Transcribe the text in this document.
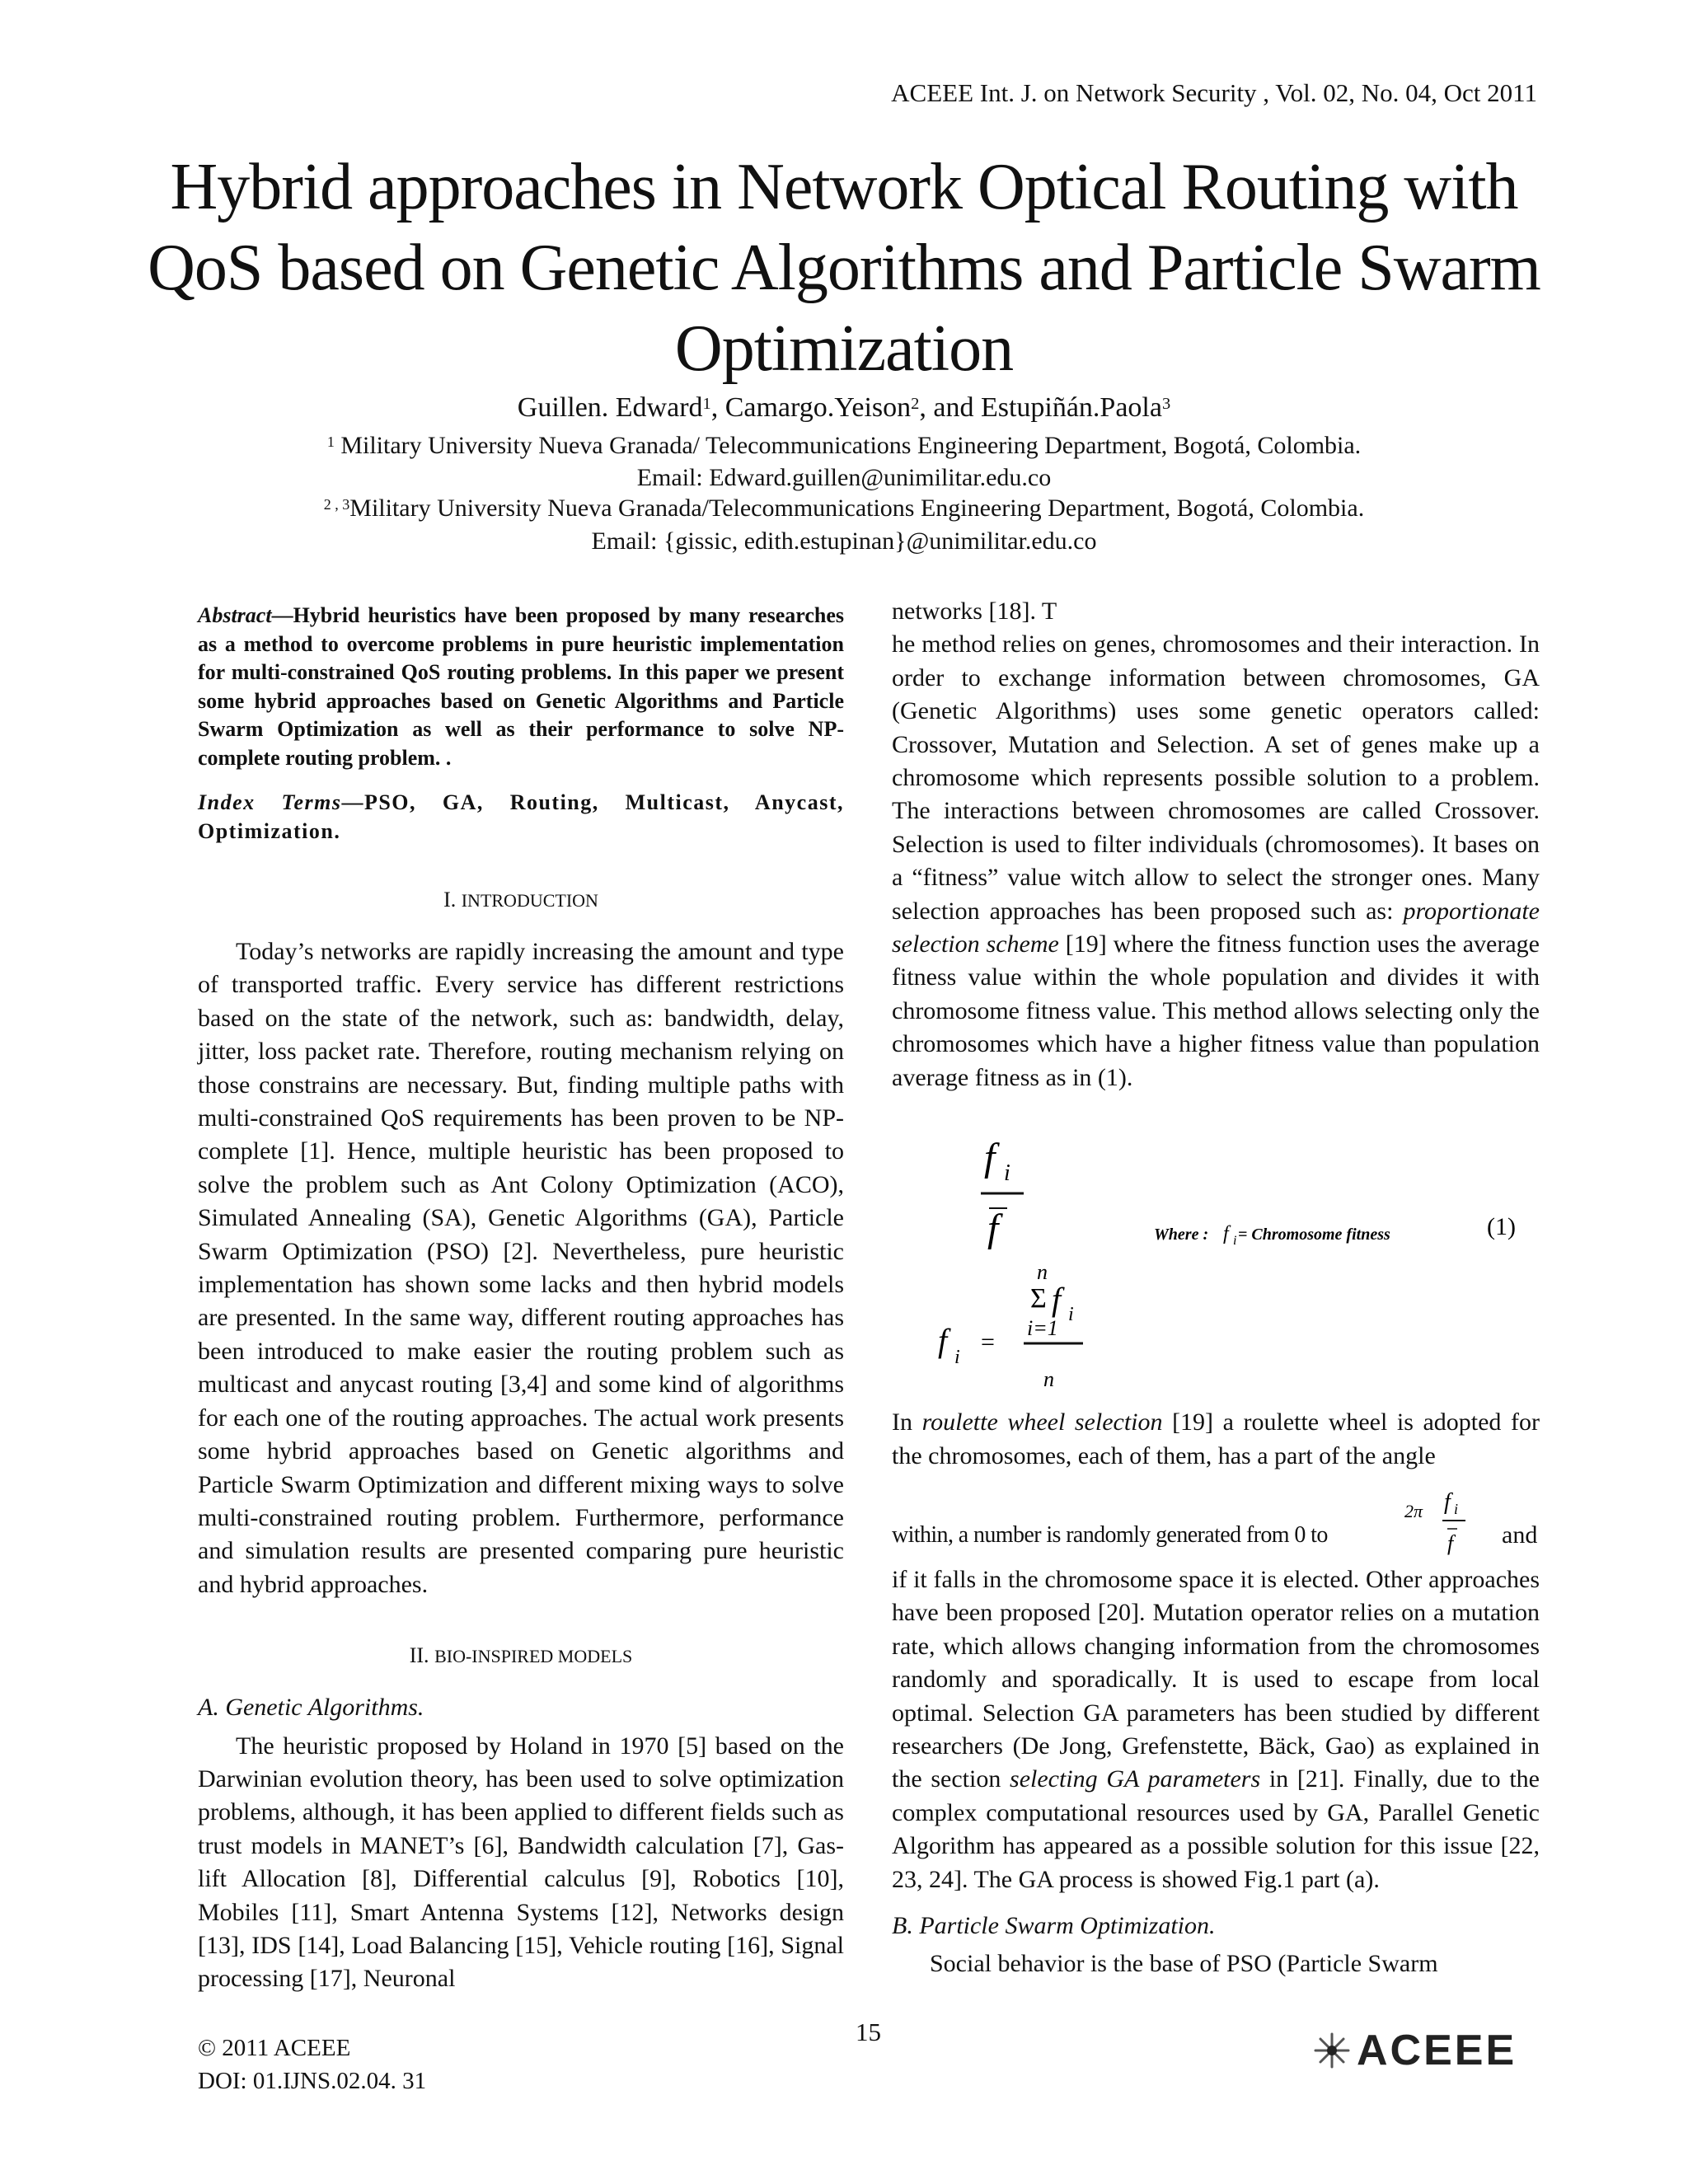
ACEEE Int. J. on Network Security , Vol. 02, No. 04, Oct 2011
Hybrid approaches in Network Optical Routing with
QoS based on Genetic Algorithms and Particle Swarm
Optimization
Guillen. Edward$^1$, Camargo.Yeison$^2$, and Estupiñán.Paola$^3$
$^1$ Military University Nueva Granada/ Telecommunications Engineering Department, Bogotá, Colombia.
Email: Edward.guillen@unimilitar.edu.co
$^{2 , 3}$Military University Nueva Granada/Telecommunications Engineering Department, Bogotá, Colombia.
Email: {gissic, edith.estupinan}@unimilitar.edu.co

Abstract—Hybrid heuristics have been proposed by many researches as a method to overcome problems in pure heuristic implementation for multi-constrained QoS routing problems. In this paper we present some hybrid approaches based on Genetic Algorithms and Particle Swarm Optimization as well as their performance to solve NP-complete routing problem. .

Index Terms—PSO, GA, Routing, Multicast, Anycast, Optimization.

I. INTRODUCTION

Today’s networks are rapidly increasing the amount and type of transported traffic. Every service has different restrictions based on the state of the network, such as: bandwidth, delay, jitter, loss packet rate. Therefore, routing mechanism relying on those constrains are necessary. But, finding multiple paths with multi-constrained QoS requirements has been proven to be NP-complete [1]. Hence, multiple heuristic has been proposed to solve the problem such as Ant Colony Optimization (ACO), Simulated Annealing (SA), Genetic Algorithms (GA), Particle Swarm Optimization (PSO) [2]. Nevertheless, pure heuristic implementation has shown some lacks and then hybrid models are presented. In the same way, different routing approaches has been introduced to make easier the routing problem such as multicast and anycast routing [3,4] and some kind of algorithms for each one of the routing approaches. The actual work presents some hybrid approaches based on Genetic algorithms and Particle Swarm Optimization and different mixing ways to solve multi-constrained routing problem. Furthermore, performance and simulation results are presented comparing pure heuristic and hybrid approaches.

II. BIO-INSPIRED MODELS
A. Genetic Algorithms.

The heuristic proposed by Holand in 1970 [5] based on the Darwinian evolution theory, has been used to solve optimization problems, although, it has been applied to different fields such as trust models in MANET’s [6], Bandwidth calculation [7], Gas-lift Allocation [8], Differential calculus [9], Robotics [10], Mobiles [11], Smart Antenna Systems [12], Networks design [13], IDS [14], Load Balancing [15], Vehicle routing [16], Signal processing [17], Neuronal

networks [18]. T

he method relies on genes, chromosomes and their interaction. In order to exchange information between chromosomes, GA (Genetic Algorithms) uses some genetic operators called: Crossover, Mutation and Selection. A set of genes make up a chromosome which represents possible solution to a problem. The interactions between chromosomes are called Crossover. Selection is used to filter individuals (chromosomes). It bases on a “fitness” value witch allow to select the stronger ones. Many selection approaches has been proposed such as: proportionate selection scheme [19] where the fitness function uses the average fitness value within the whole population and divides it with chromosome fitness value. This method allows selecting only the chromosomes which have a higher fitness value than population average fitness as in (1).

f i
f	Where : f i = Chromosome fitness	(1)
n
Σ f i
i=1
f i
=
n

In roulette wheel selection [19] a roulette wheel is adopted for the chromosomes, each of them, has a part of the angle

within, a number is randomly generated from 0 to
2π f i
f and

if it falls in the chromosome space it is elected. Other approaches have been proposed [20]. Mutation operator relies on a mutation rate, which allows changing information from the chromosomes randomly and sporadically. It is used to escape from local optimal. Selection GA parameters has been studied by different researchers (De Jong, Grefenstette, Bäck, Gao) as explained in the section selecting GA parameters in [21]. Finally, due to the complex computational resources used by GA, Parallel Genetic Algorithm has appeared as a possible solution for this issue [22, 23, 24]. The GA process is showed Fig.1 part (a).

B. Particle Swarm Optimization.

Social behavior is the base of PSO (Particle Swarm

15
© 2011 ACEEE
DOI: 01.IJNS.02.04. 31
ACEEE
